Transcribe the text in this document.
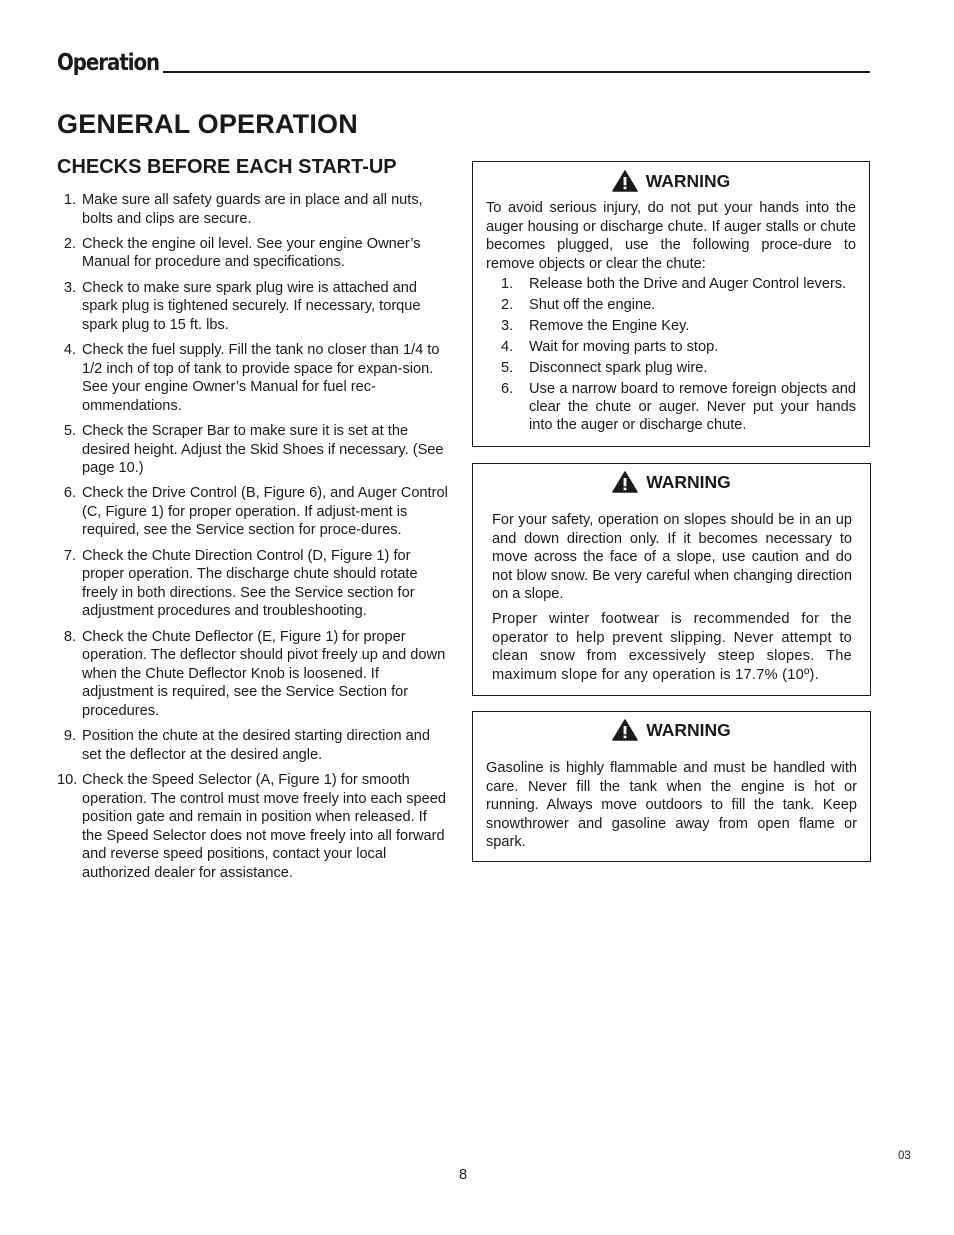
Operation
GENERAL OPERATION
CHECKS BEFORE EACH START-UP
1. Make sure all safety guards are in place and all nuts, bolts and clips are secure.
2. Check the engine oil level. See your engine Owner’s Manual for procedure and specifications.
3. Check to make sure spark plug wire is attached and spark plug is tightened securely. If necessary, torque spark plug to 15 ft. lbs.
4. Check the fuel supply. Fill the tank no closer than 1/4 to 1/2 inch of top of tank to provide space for expan-sion. See your engine Owner’s Manual for fuel rec-ommendations.
5. Check the Scraper Bar to make sure it is set at the desired height. Adjust the Skid Shoes if necessary. (See page 10.)
6. Check the Drive Control (B, Figure 6), and Auger Control (C, Figure 1) for proper operation. If adjust-ment is required, see the Service section for proce-dures.
7. Check the Chute Direction Control (D, Figure 1) for proper operation. The discharge chute should rotate freely in both directions. See the Service section for adjustment procedures and troubleshooting.
8. Check the Chute Deflector (E, Figure 1) for proper operation. The deflector should pivot freely up and down when the Chute Deflector Knob is loosened. If adjustment is required, see the Service Section for procedures.
9. Position the chute at the desired starting direction and set the deflector at the desired angle.
10. Check the Speed Selector (A, Figure 1) for smooth operation. The control must move freely into each speed position gate and remain in position when released. If the Speed Selector does not move freely into all forward and reverse speed positions, contact your local authorized dealer for assistance.
WARNING

To avoid serious injury, do not put your hands into the auger housing or discharge chute. If auger stalls or chute becomes plugged, use the following proce-dure to remove objects or clear the chute:

1. Release both the Drive and Auger Control levers.
2. Shut off the engine.
3. Remove the Engine Key.
4. Wait for moving parts to stop.
5. Disconnect spark plug wire.
6. Use a narrow board to remove foreign objects and clear the chute or auger. Never put your hands into the auger or discharge chute.
WARNING

For your safety, operation on slopes should be in an up and down direction only. If it becomes necessary to move across the face of a slope, use caution and do not blow snow. Be very careful when changing direction on a slope.

Proper winter footwear is recommended for the operator to help prevent slipping. Never attempt to clean snow from excessively steep slopes. The maximum slope for any operation is 17.7% (10º).

WARNING

Gasoline is highly flammable and must be handled with care. Never fill the tank when the engine is hot or running. Always move outdoors to fill the tank. Keep snowthrower and gasoline away from open flame or spark.

8
03
